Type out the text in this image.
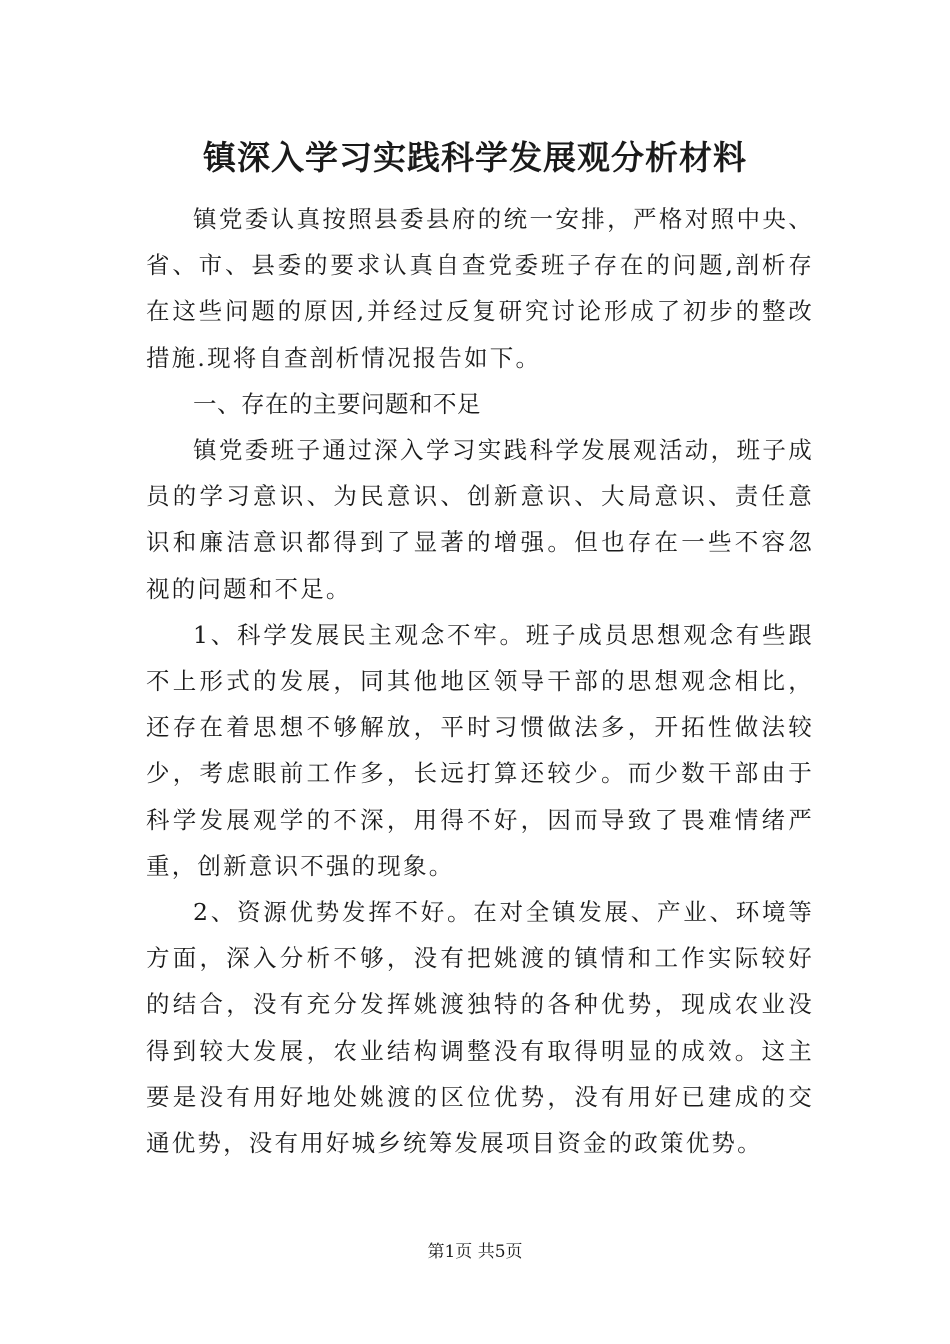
镇深入学习实践科学发展观分析材料

镇党委认真按照县委县府的统一安排，严格对照中央、省、市、县委的要求认真自查党委班子存在的问题,剖析存在这些问题的原因,并经过反复研究讨论形成了初步的整改措施.现将自查剖析情况报告如下。

一、存在的主要问题和不足

镇党委班子通过深入学习实践科学发展观活动，班子成员的学习意识、为民意识、创新意识、大局意识、责任意识和廉洁意识都得到了显著的增强。但也存在一些不容忽视的问题和不足。

1、科学发展民主观念不牢。班子成员思想观念有些跟不上形式的发展，同其他地区领导干部的思想观念相比，还存在着思想不够解放，平时习惯做法多，开拓性做法较少，考虑眼前工作多，长远打算还较少。而少数干部由于科学发展观学的不深，用得不好，因而导致了畏难情绪严重，创新意识不强的现象。

2、资源优势发挥不好。在对全镇发展、产业、环境等方面，深入分析不够，没有把姚渡的镇情和工作实际较好的结合，没有充分发挥姚渡独特的各种优势，现成农业没得到较大发展，农业结构调整没有取得明显的成效。这主要是没有用好地处姚渡的区位优势，没有用好已建成的交通优势，没有用好城乡统筹发展项目资金的政策优势。

第1页 共5页
